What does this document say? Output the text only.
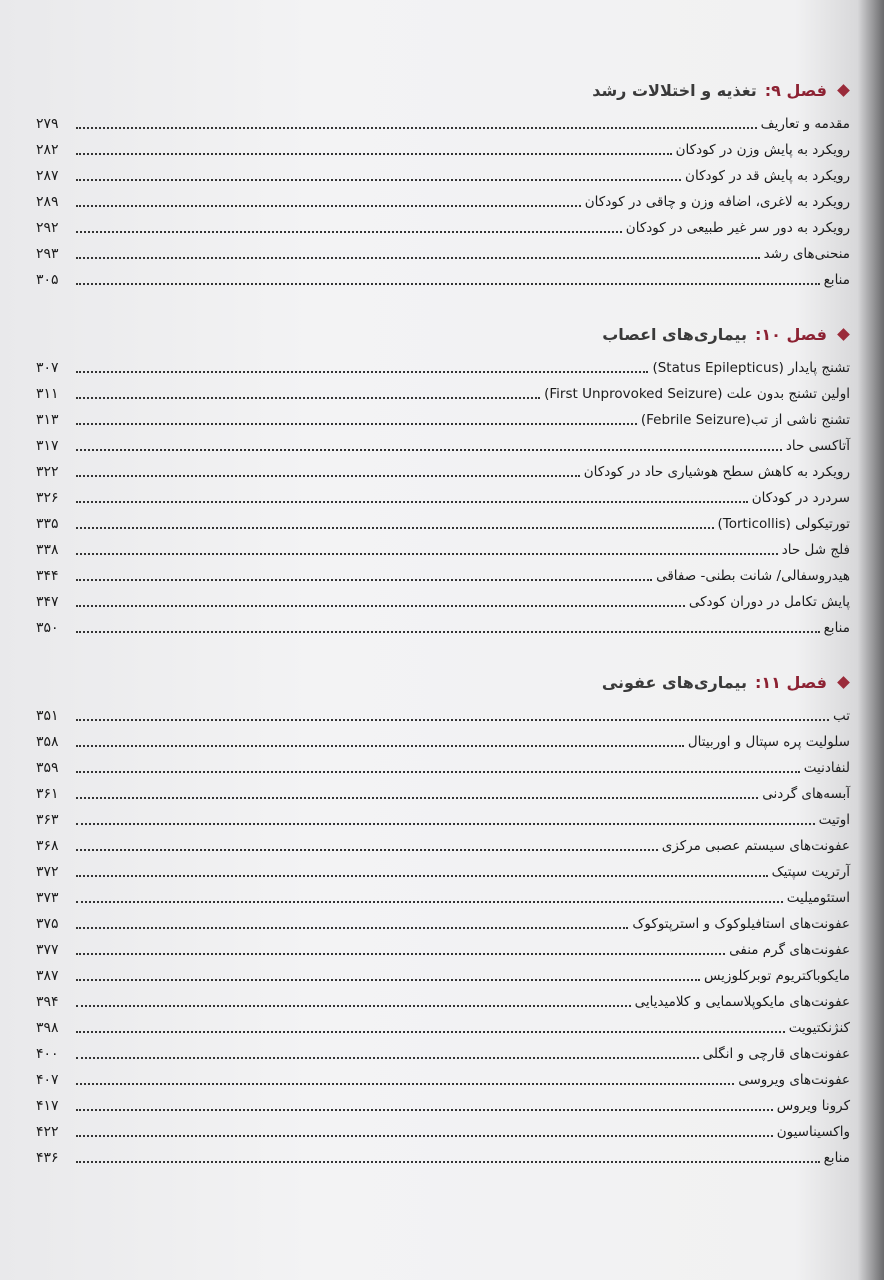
فصل ۹:
تغذیه و اختلالات رشد
مقدمه و تعاریف
۲۷۹
رویکرد به پایش وزن در کودکان
۲۸۲
رویکرد به پایش قد در کودکان
۲۸۷
رویکرد به لاغری، اضافه وزن و چاقی در کودکان
۲۸۹
رویکرد به دور سر غیر طبیعی در کودکان
۲۹۲
منحنی‌های رشد
۲۹۳
منابع
۳۰۵
فصل ۱۰:
بیماری‌های اعصاب
تشنج پایدار (Status Epilepticus)
۳۰۷
اولین تشنج بدون علت (First Unprovoked Seizure)
۳۱۱
تشنج ناشی از تب(Febrile Seizure)
۳۱۳
آتاکسی حاد
۳۱۷
رویکرد به کاهش سطح هوشیاری حاد در کودکان
۳۲۲
سردرد در کودکان
۳۲۶
تورتیکولی (Torticollis)
۳۳۵
فلج شل حاد
۳۳۸
هیدروسفالی/ شانت بطنی- صفاقی
۳۴۴
پایش تکامل در دوران کودکی
۳۴۷
منابع
۳۵۰
فصل ۱۱:
بیماری‌های عفونی
تب
۳۵۱
سلولیت پره سپتال و اوربیتال
۳۵۸
لنفادنیت
۳۵۹
آبسه‌های گردنی
۳۶۱
اوتیت
۳۶۳
عفونت‌های سیستم عصبی مرکزی
۳۶۸
آرتریت سپتیک
۳۷۲
استئومیلیت
۳۷۳
عفونت‌های استافیلوکوک و استرپتوکوک
۳۷۵
عفونت‌های گرم منفی
۳۷۷
مایکوباکتریوم توبرکلوزیس
۳۸۷
عفونت‌های مایکوپلاسمایی و کلامیدیایی
۳۹۴
کنژنکتیویت
۳۹۸
عفونت‌های قارچی و انگلی
۴۰۰
عفونت‌های ویروسی
۴۰۷
کرونا ویروس
۴۱۷
واکسیناسیون
۴۲۲
منابع
۴۳۶
